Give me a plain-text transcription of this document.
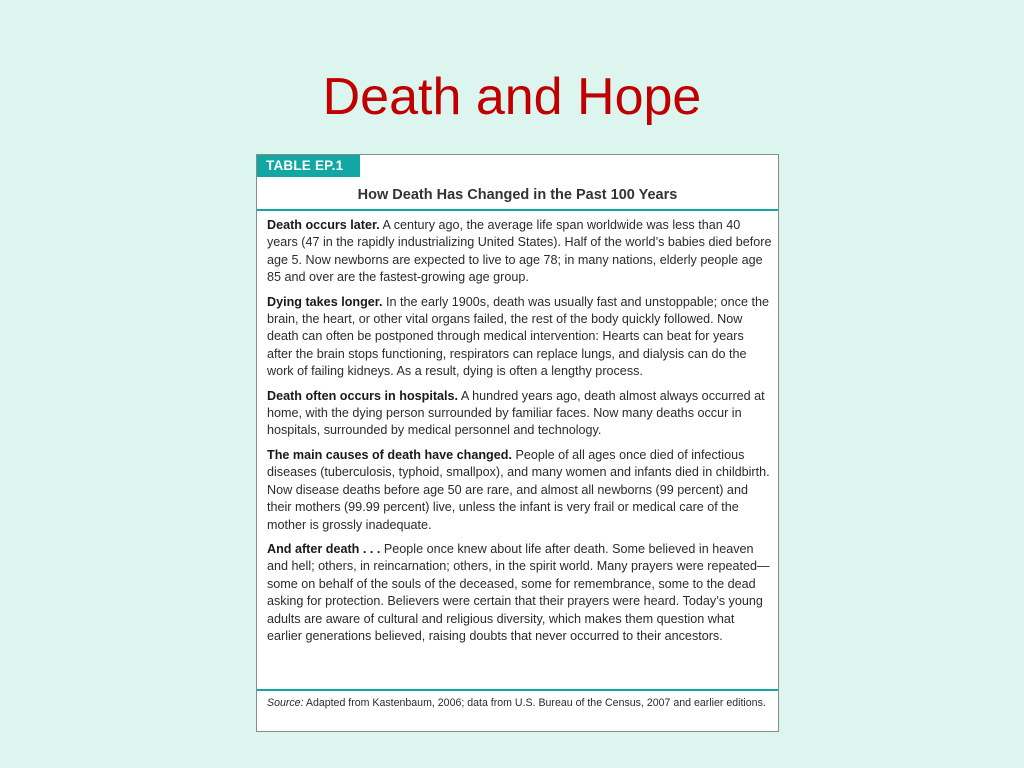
Death and Hope
TABLE EP.1
How Death Has Changed in the Past 100 Years

Death occurs later. A century ago, the average life span worldwide was less than 40 years (47 in the rapidly industrializing United States). Half of the world’s babies died before age 5. Now newborns are expected to live to age 78; in many nations, elderly people age 85 and over are the fastest-growing age group.

Dying takes longer. In the early 1900s, death was usually fast and unstoppable; once the brain, the heart, or other vital organs failed, the rest of the body quickly followed. Now death can often be postponed through medical intervention: Hearts can beat for years after the brain stops functioning, respirators can replace lungs, and dialysis can do the work of failing kidneys. As a result, dying is often a lengthy process.

Death often occurs in hospitals. A hundred years ago, death almost always occurred at home, with the dying person surrounded by familiar faces. Now many deaths occur in hospitals, surrounded by medical personnel and technology.

The main causes of death have changed. People of all ages once died of infectious diseases (tuberculosis, typhoid, smallpox), and many women and infants died in childbirth. Now disease deaths before age 50 are rare, and almost all newborns (99 percent) and their mothers (99.99 percent) live, unless the infant is very frail or medical care of the mother is grossly inadequate.

And after death . . . People once knew about life after death. Some believed in heaven and hell; others, in reincarnation; others, in the spirit world. Many prayers were repeated—some on behalf of the souls of the deceased, some for remembrance, some to the dead asking for protection. Believers were certain that their prayers were heard. Today’s young adults are aware of cultural and religious diversity, which makes them question what earlier generations believed, raising doubts that never occurred to their ancestors.

Source: Adapted from Kastenbaum, 2006; data from U.S. Bureau of the Census, 2007 and earlier editions.
